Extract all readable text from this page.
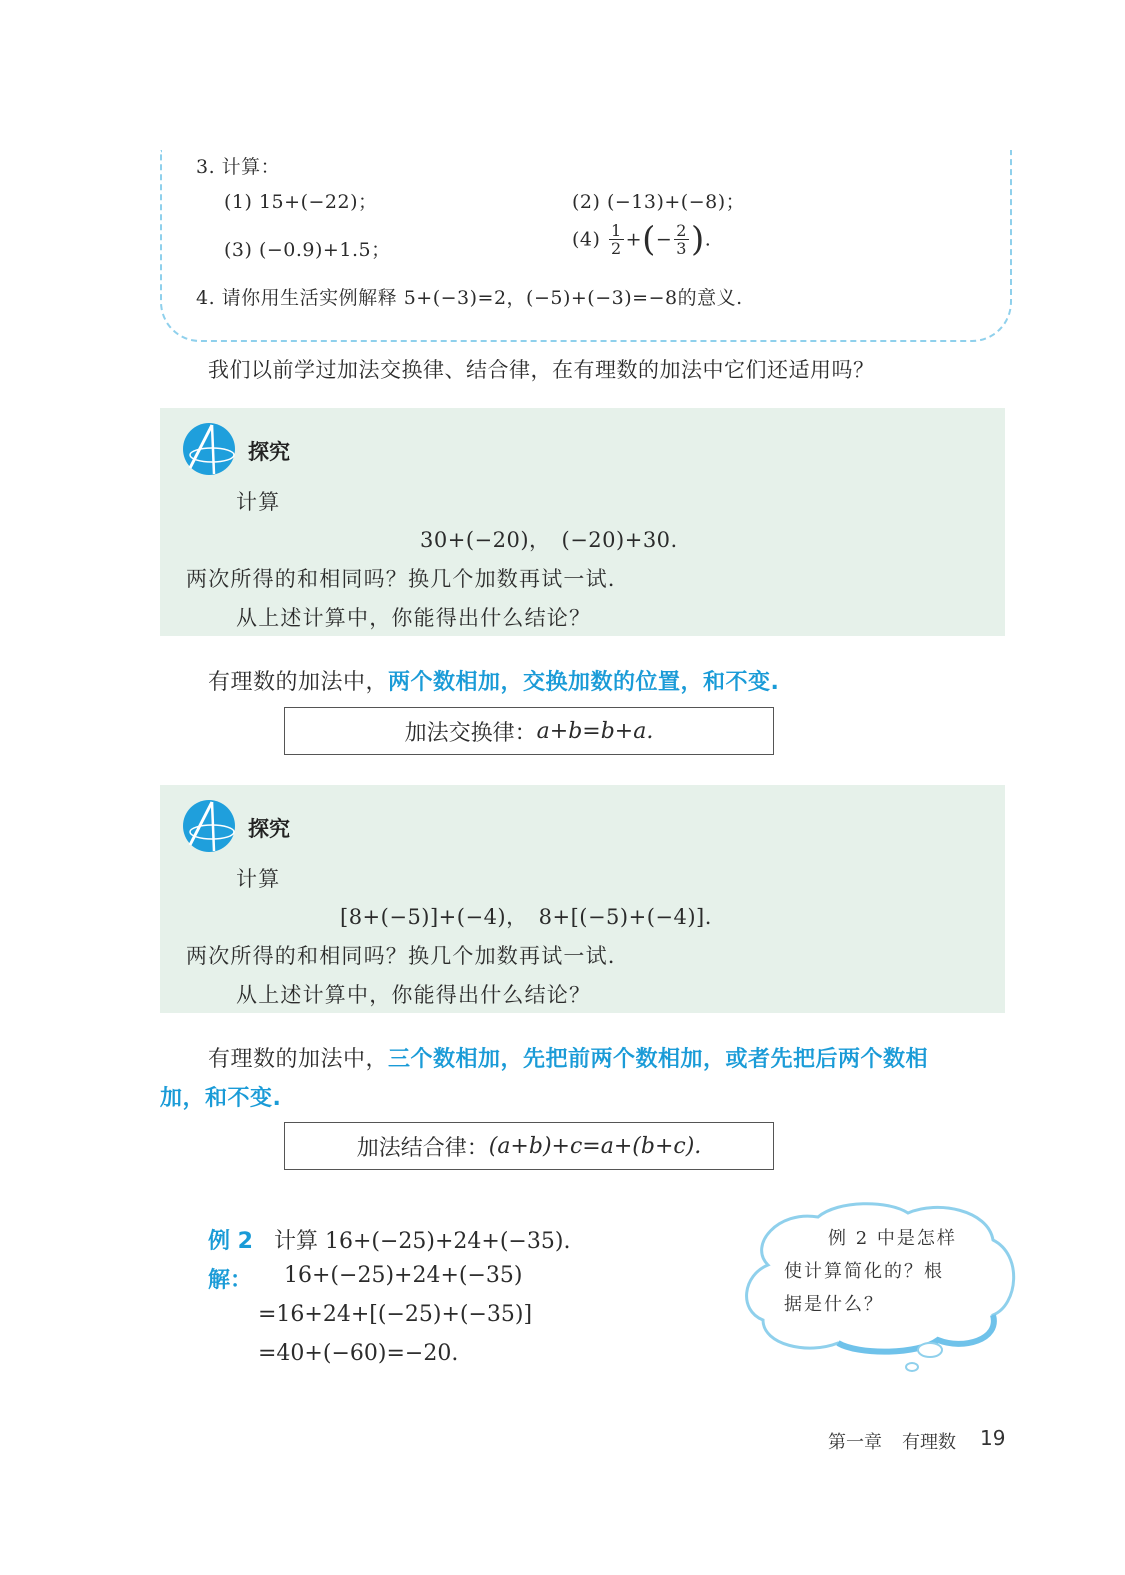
3. 计算：
(1) 15+(−22)；	(2) (−13)+(−8)；
(3) (−0.9)+1.5；	$(4) \frac{1}{2}$ +(− $\frac{2}{3}$ ).
4. 请你用生活实例解释 5+(−3)=2，(−5)+(−3)=−8的意义.
我们以前学过加法交换律、结合律，在有理数的加法中它们还适用吗？
探究
计算
30+(−20)，　(−20)+30.
两次所得的和相同吗？换几个加数再试一试.
从上述计算中，你能得出什么结论？
有理数的加法中，两个数相加，交换加数的位置，和不变.
加法交换律： a+b=b+a.
探究
计算
[8+(−5)]+(−4)，　8+[(−5)+(−4)].
两次所得的和相同吗？换几个加数再试一试.
从上述计算中，你能得出什么结论？
有理数的加法中，三个数相加，先把前两个数相加，或者先把后两个数相
加，和不变.
加法结合律： (a+b)+c=a+(b+c).
例 2 计算 16+(−25)+24+(−35).
解： 16+(−25)+24+(−35)
=16+24+[(−25)+(−35)]
=40+(−60)=−20.
例 2 中是怎样
使计算简化的？根
据是什么？
第一章 有理数 19
